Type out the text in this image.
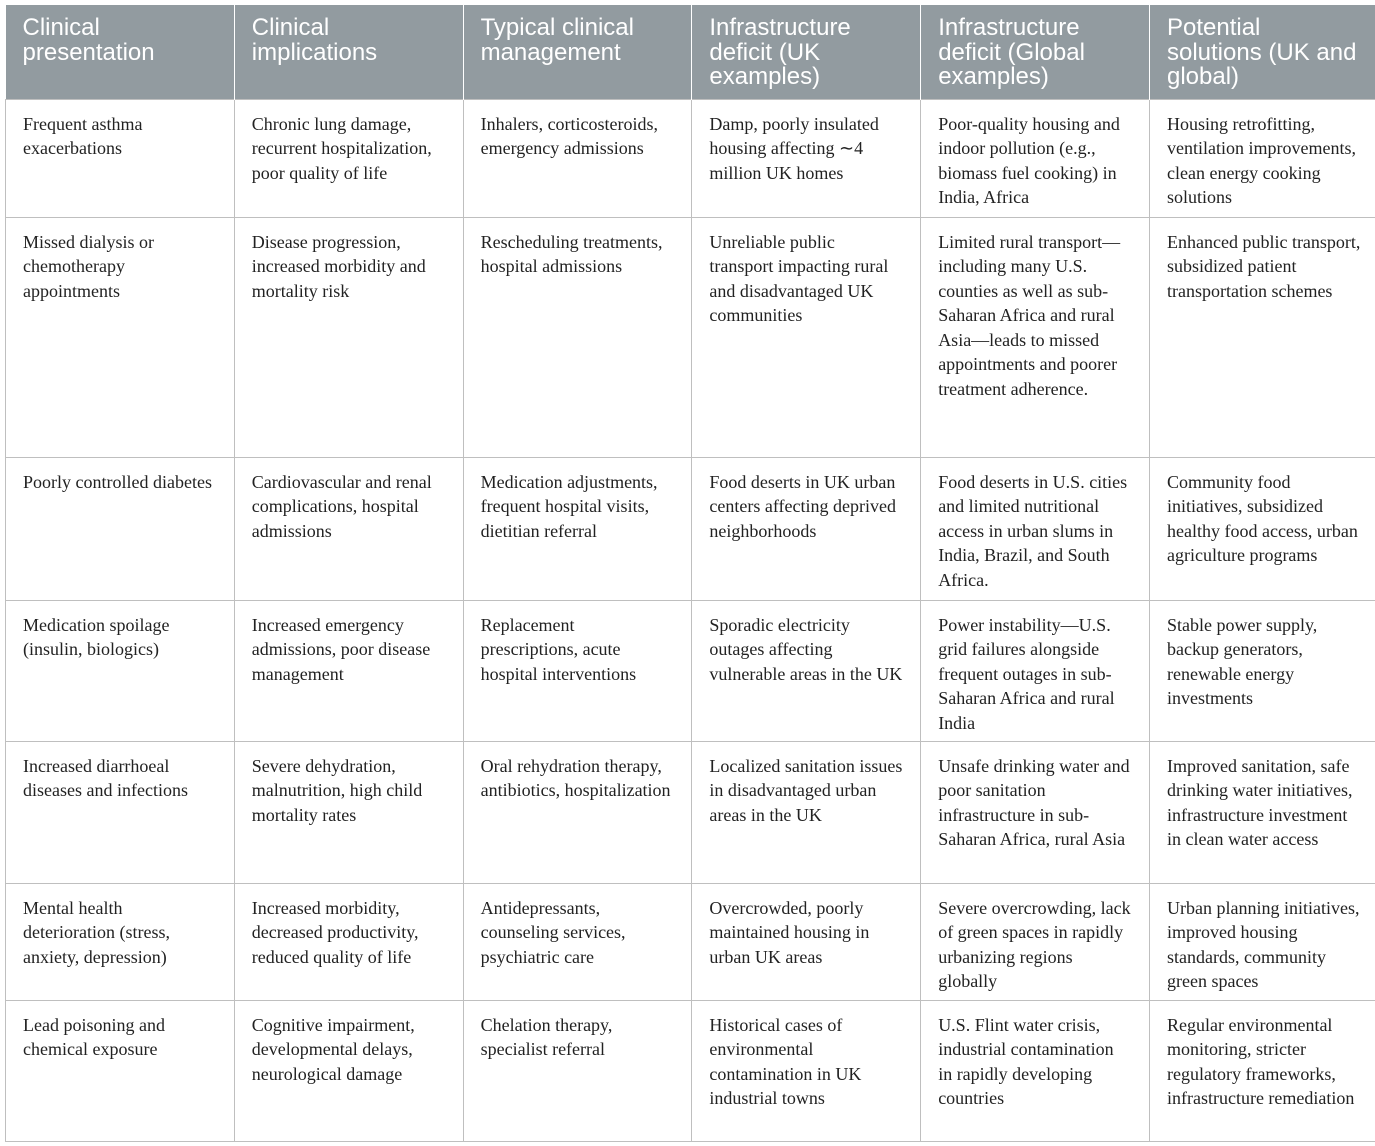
Clinical presentation	Clinical implications	Typical clinical management	Infrastructure deficit (UK examples)	Infrastructure deficit (Global examples)	Potential solutions (UK and global)
Frequent asthma exacerbations	Chronic lung damage, recurrent hospitalization, poor quality of life	Inhalers, corticosteroids, emergency admissions	Damp, poorly insulated housing affecting ∼4 million UK homes	Poor-quality housing and indoor pollution (e.g., biomass fuel cooking) in India, Africa	Housing retrofitting, ventilation improvements, clean energy cooking solutions
Missed dialysis or chemotherapy appointments	Disease progression, increased morbidity and mortality risk	Rescheduling treatments, hospital admissions	Unreliable public transport impacting rural and disadvantaged UK communities	Limited rural transport—including many U.S. counties as well as sub-Saharan Africa and rural Asia—leads to missed appointments and poorer treatment adherence.	Enhanced public transport, subsidized patient transportation schemes
Poorly controlled diabetes	Cardiovascular and renal complications, hospital admissions	Medication adjustments, frequent hospital visits, dietitian referral	Food deserts in UK urban centers affecting deprived neighborhoods	Food deserts in U.S. cities and limited nutritional access in urban slums in India, Brazil, and South Africa.	Community food initiatives, subsidized healthy food access, urban agriculture programs
Medication spoilage (insulin, biologics)	Increased emergency admissions, poor disease management	Replacement prescriptions, acute hospital interventions	Sporadic electricity outages affecting vulnerable areas in the UK	Power instability—U.S. grid failures alongside frequent outages in sub-Saharan Africa and rural India	Stable power supply, backup generators, renewable energy investments
Increased diarrhoeal diseases and infections	Severe dehydration, malnutrition, high child mortality rates	Oral rehydration therapy, antibiotics, hospitalization	Localized sanitation issues in disadvantaged urban areas in the UK	Unsafe drinking water and poor sanitation infrastructure in sub-Saharan Africa, rural Asia	Improved sanitation, safe drinking water initiatives, infrastructure investment in clean water access
Mental health deterioration (stress, anxiety, depression)	Increased morbidity, decreased productivity, reduced quality of life	Antidepressants, counseling services, psychiatric care	Overcrowded, poorly maintained housing in urban UK areas	Severe overcrowding, lack of green spaces in rapidly urbanizing regions globally	Urban planning initiatives, improved housing standards, community green spaces
Lead poisoning and chemical exposure	Cognitive impairment, developmental delays, neurological damage	Chelation therapy, specialist referral	Historical cases of environmental contamination in UK industrial towns	U.S. Flint water crisis, industrial contamination in rapidly developing countries	Regular environmental monitoring, stricter regulatory frameworks, infrastructure remediation
